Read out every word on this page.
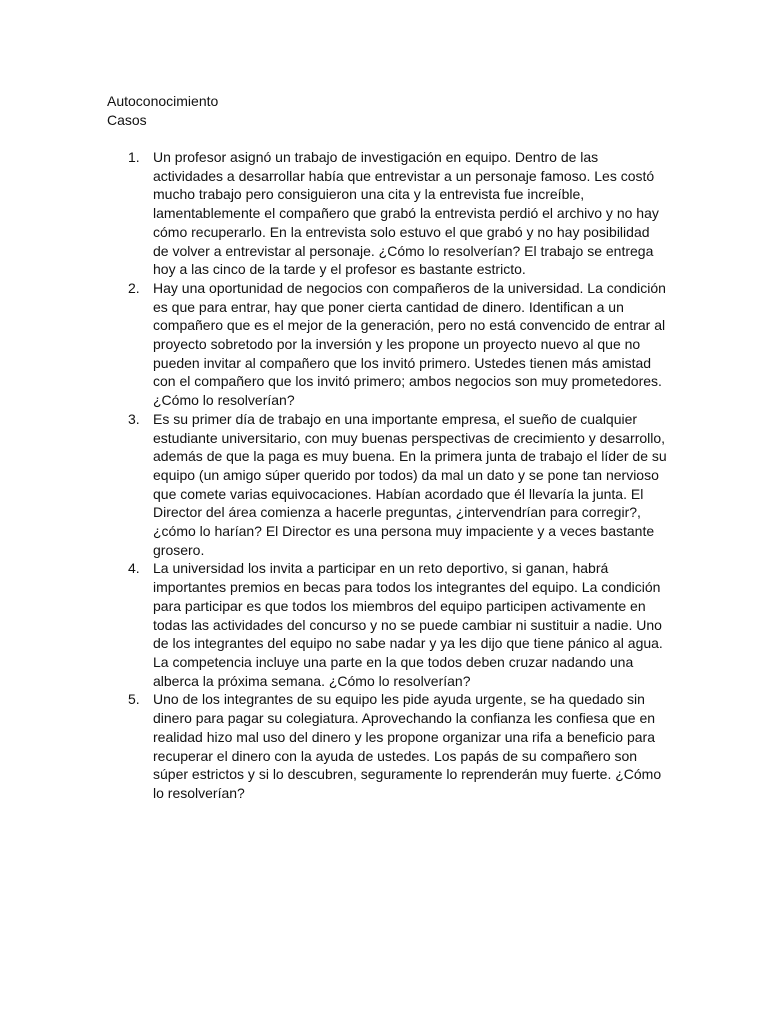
Autoconocimiento
Casos
1. Un profesor asignó un trabajo de investigación en equipo. Dentro de las actividades a desarrollar había que entrevistar a un personaje famoso. Les costó mucho trabajo pero consiguieron una cita y la entrevista fue increíble, lamentablemente el compañero que grabó la entrevista perdió el archivo y no hay cómo recuperarlo. En la entrevista solo estuvo el que grabó y no hay posibilidad de volver a entrevistar al personaje. ¿Cómo lo resolverían? El trabajo se entrega hoy a las cinco de la tarde y el profesor es bastante estricto.
2. Hay una oportunidad de negocios con compañeros de la universidad. La condición es que para entrar, hay que poner cierta cantidad de dinero. Identifican a un compañero que es el mejor de la generación, pero no está convencido de entrar al proyecto sobretodo por la inversión y les propone un proyecto nuevo al que no pueden invitar al compañero que los invitó primero. Ustedes tienen más amistad con el compañero que los invitó primero; ambos negocios son muy prometedores. ¿Cómo lo resolverían?
3. Es su primer día de trabajo en una importante empresa, el sueño de cualquier estudiante universitario, con muy buenas perspectivas de crecimiento y desarrollo, además de que la paga es muy buena. En la primera junta de trabajo el líder de su equipo (un amigo súper querido por todos) da mal un dato y se pone tan nervioso que comete varias equivocaciones. Habían acordado que él llevaría la junta. El Director del área comienza a hacerle preguntas, ¿intervendrían para corregir?, ¿cómo lo harían? El Director es una persona muy impaciente y a veces bastante grosero.
4. La universidad los invita a participar en un reto deportivo, si ganan, habrá importantes premios en becas para todos los integrantes del equipo. La condición para participar es que todos los miembros del equipo participen activamente en todas las actividades del concurso y no se puede cambiar ni sustituir a nadie. Uno de los integrantes del equipo no sabe nadar y ya les dijo que tiene pánico al agua. La competencia incluye una parte en la que todos deben cruzar nadando una alberca la próxima semana. ¿Cómo lo resolverían?
5. Uno de los integrantes de su equipo les pide ayuda urgente, se ha quedado sin dinero para pagar su colegiatura. Aprovechando la confianza les confiesa que en realidad hizo mal uso del dinero y les propone organizar una rifa a beneficio para recuperar el dinero con la ayuda de ustedes. Los papás de su compañero son súper estrictos y si lo descubren, seguramente lo reprenderán muy fuerte. ¿Cómo lo resolverían?
